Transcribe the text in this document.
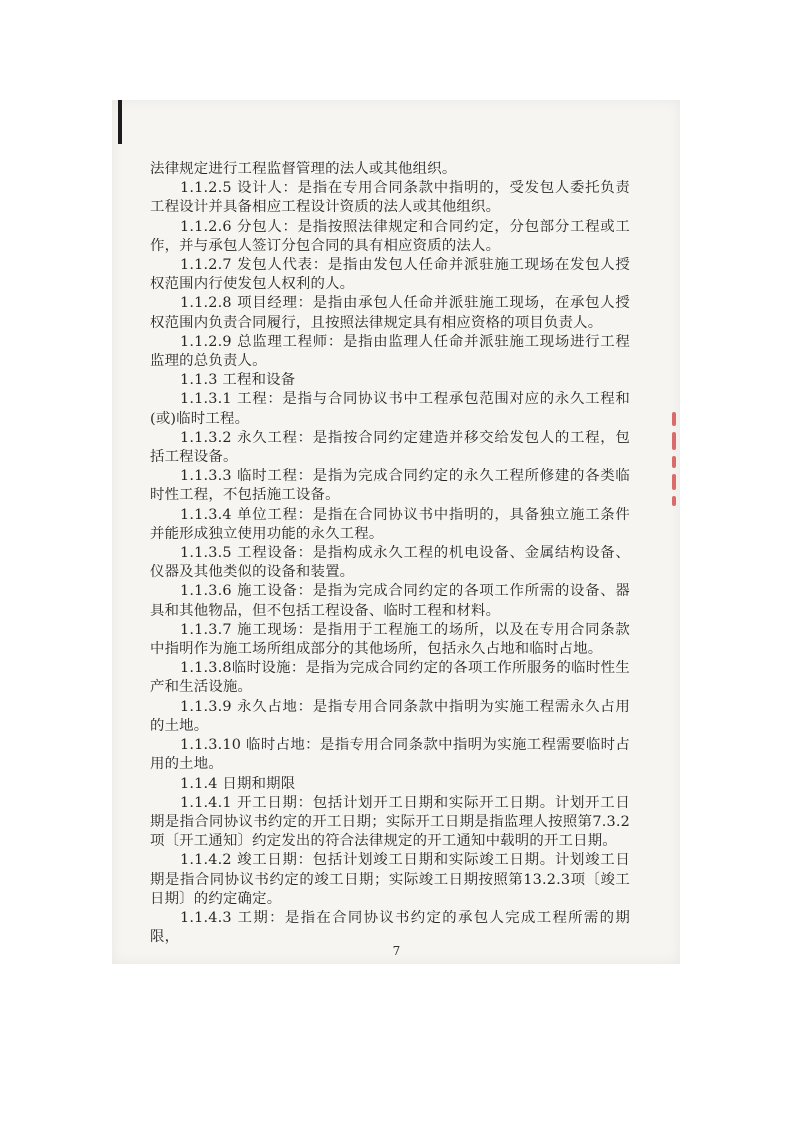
法律规定进行工程监督管理的法人或其他组织。

1.1.2.5 设计人：是指在专用合同条款中指明的，受发包人委托负责工程设计并具备相应工程设计资质的法人或其他组织。

1.1.2.6 分包人：是指按照法律规定和合同约定，分包部分工程或工作，并与承包人签订分包合同的具有相应资质的法人。

1.1.2.7 发包人代表：是指由发包人任命并派驻施工现场在发包人授权范围内行使发包人权利的人。

1.1.2.8 项目经理：是指由承包人任命并派驻施工现场，在承包人授权范围内负责合同履行，且按照法律规定具有相应资格的项目负责人。

1.1.2.9 总监理工程师：是指由监理人任命并派驻施工现场进行工程监理的总负责人。

1.1.3 工程和设备

1.1.3.1 工程：是指与合同协议书中工程承包范围对应的永久工程和(或)临时工程。

1.1.3.2 永久工程：是指按合同约定建造并移交给发包人的工程，包括工程设备。

1.1.3.3 临时工程：是指为完成合同约定的永久工程所修建的各类临时性工程，不包括施工设备。

1.1.3.4 单位工程：是指在合同协议书中指明的，具备独立施工条件并能形成独立使用功能的永久工程。

1.1.3.5 工程设备：是指构成永久工程的机电设备、金属结构设备、仪器及其他类似的设备和装置。

1.1.3.6 施工设备：是指为完成合同约定的各项工作所需的设备、器具和其他物品，但不包括工程设备、临时工程和材料。

1.1.3.7 施工现场：是指用于工程施工的场所，以及在专用合同条款中指明作为施工场所组成部分的其他场所，包括永久占地和临时占地。

1.1.3.8临时设施：是指为完成合同约定的各项工作所服务的临时性生产和生活设施。

1.1.3.9 永久占地：是指专用合同条款中指明为实施工程需永久占用的土地。

1.1.3.10 临时占地：是指专用合同条款中指明为实施工程需要临时占用的土地。

1.1.4 日期和期限

1.1.4.1 开工日期：包括计划开工日期和实际开工日期。计划开工日期是指合同协议书约定的开工日期；实际开工日期是指监理人按照第7.3.2项〔开工通知〕约定发出的符合法律规定的开工通知中载明的开工日期。

1.1.4.2 竣工日期：包括计划竣工日期和实际竣工日期。计划竣工日期是指合同协议书约定的竣工日期；实际竣工日期按照第13.2.3项〔竣工日期〕的约定确定。

1.1.4.3 工期：是指在合同协议书约定的承包人完成工程所需的期限，

7
